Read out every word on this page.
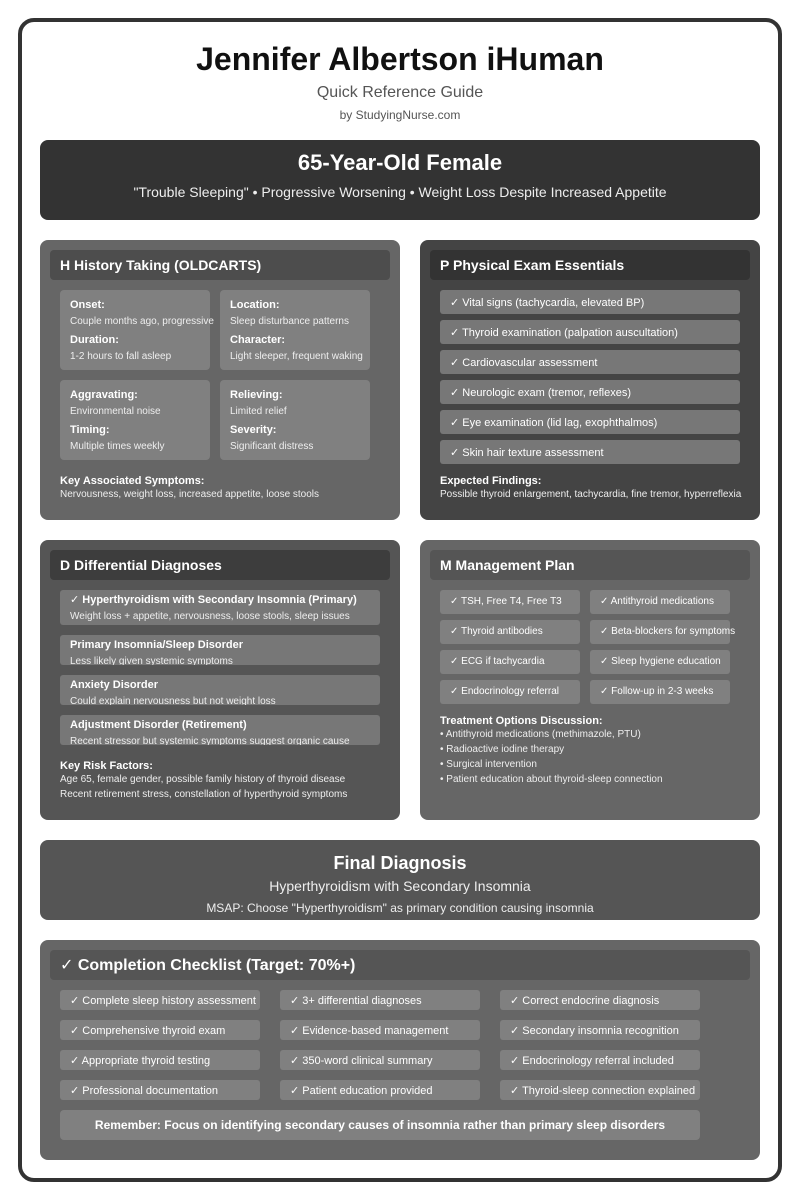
Jennifer Albertson iHuman
Quick Reference Guide
by StudyingNurse.com
65-Year-Old Female
"Trouble Sleeping" • Progressive Worsening • Weight Loss Despite Increased Appetite
H History Taking (OLDCARTS)
Onset:
Couple months ago, progressive
Duration:
1-2 hours to fall asleep
Location:
Sleep disturbance patterns
Character:
Light sleeper, frequent waking
Aggravating:
Environmental noise
Timing:
Multiple times weekly
Relieving:
Limited relief
Severity:
Significant distress
Key Associated Symptoms:
Nervousness, weight loss, increased appetite, loose stools
P Physical Exam Essentials
✓ Vital signs (tachycardia, elevated BP)
✓ Thyroid examination (palpation auscultation)
✓ Cardiovascular assessment
✓ Neurologic exam (tremor, reflexes)
✓ Eye examination (lid lag, exophthalmos)
✓ Skin hair texture assessment
Expected Findings:
Possible thyroid enlargement, tachycardia, fine tremor, hyperreflexia
D Differential Diagnoses
✓ Hyperthyroidism with Secondary Insomnia (Primary)
Weight loss + appetite, nervousness, loose stools, sleep issues
Primary Insomnia/Sleep Disorder
Less likely given systemic symptoms
Anxiety Disorder
Could explain nervousness but not weight loss
Adjustment Disorder (Retirement)
Recent stressor but systemic symptoms suggest organic cause
Key Risk Factors:
Age 65, female gender, possible family history of thyroid disease
Recent retirement stress, constellation of hyperthyroid symptoms
M Management Plan
✓ TSH, Free T4, Free T3	✓ Antithyroid medications
✓ Thyroid antibodies	✓ Beta-blockers for symptoms
✓ ECG if tachycardia	✓ Sleep hygiene education
✓ Endocrinology referral	✓ Follow-up in 2-3 weeks
Treatment Options Discussion:
• Antithyroid medications (methimazole, PTU)
• Radioactive iodine therapy
• Surgical intervention
• Patient education about thyroid-sleep connection
Final Diagnosis
Hyperthyroidism with Secondary Insomnia
MSAP: Choose "Hyperthyroidism" as primary condition causing insomnia
✓ Completion Checklist (Target: 70%+)
✓ Complete sleep history assessment	✓ 3+ differential diagnoses	✓ Correct endocrine diagnosis
✓ Comprehensive thyroid exam	✓ Evidence-based management	✓ Secondary insomnia recognition
✓ Appropriate thyroid testing	✓ 350-word clinical summary	✓ Endocrinology referral included
✓ Professional documentation	✓ Patient education provided	✓ Thyroid-sleep connection explained
Remember: Focus on identifying secondary causes of insomnia rather than primary sleep disorders
